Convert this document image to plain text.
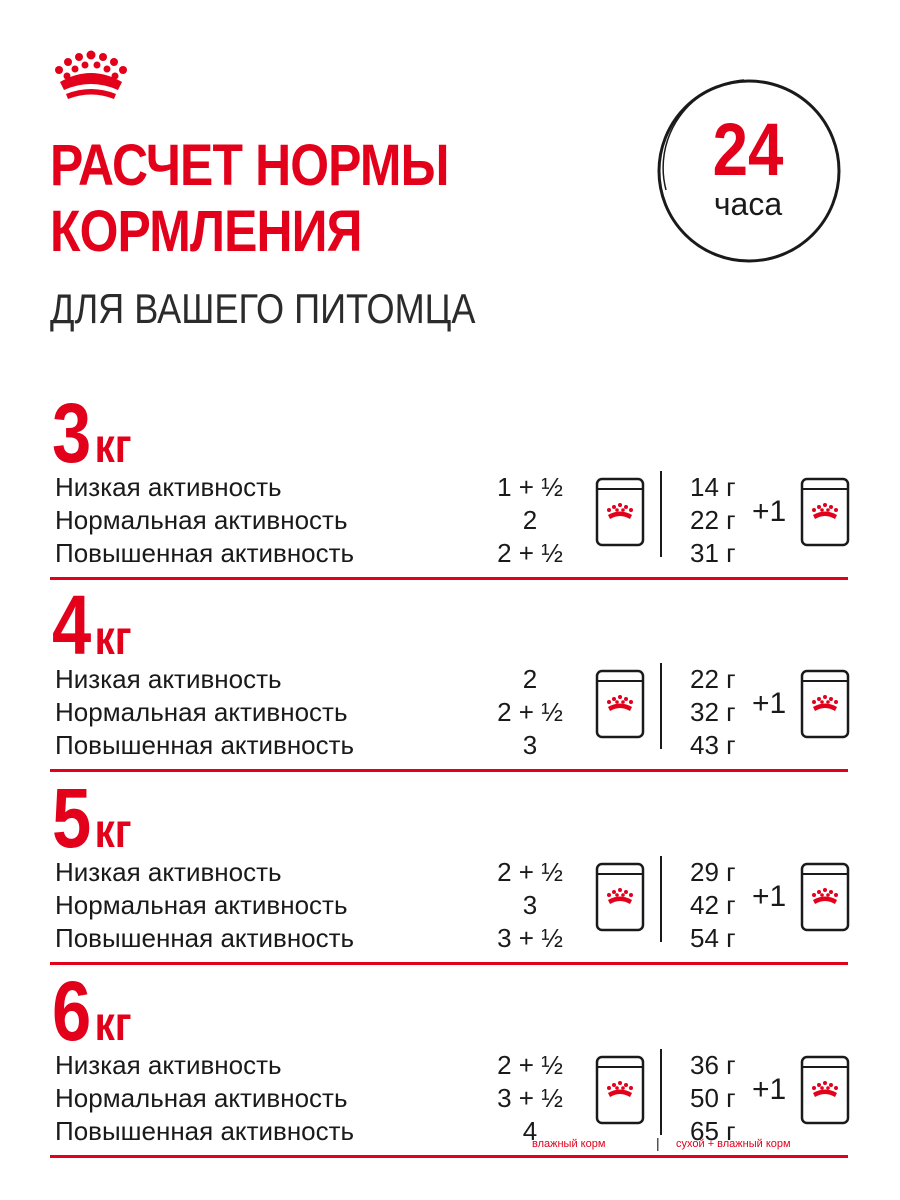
РАСЧЕТ НОРМЫ
КОРМЛЕНИЯ
ДЛЯ ВАШЕГО ПИТОМЦА
24
часа
3кг
Низкая активность
Нормальная активность
Повышенная активность
1 + ½
2
2 + ½
14 г
22 г
31 г
+1
4кг
Низкая активность
Нормальная активность
Повышенная активность
2
2 + ½
3
22 г
32 г
43 г
+1
5кг
Низкая активность
Нормальная активность
Повышенная активность
2 + ½
3
3 + ½
29 г
42 г
54 г
+1
6кг
Низкая активность
Нормальная активность
Повышенная активность
2 + ½
3 + ½
4
36 г
50 г
65 г
+1
влажный корм	| сухой + влажный корм
